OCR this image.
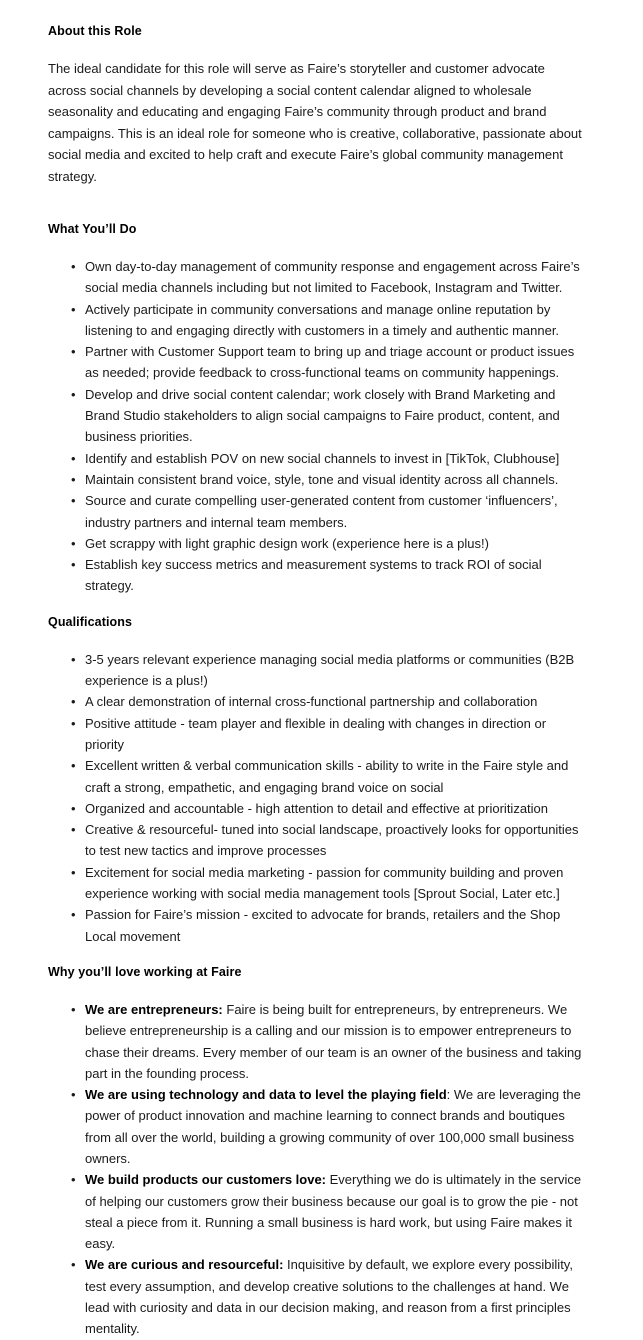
About this Role

The ideal candidate for this role will serve as Faire’s storyteller and customer advocate across social channels by developing a social content calendar aligned to wholesale seasonality and educating and engaging Faire’s community through product and brand campaigns. This is an ideal role for someone who is creative, collaborative, passionate about social media and excited to help craft and execute Faire’s global community management strategy.

What You’ll Do
• Own day-to-day management of community response and engagement across Faire’s social media channels including but not limited to Facebook, Instagram and Twitter.
• Actively participate in community conversations and manage online reputation by listening to and engaging directly with customers in a timely and authentic manner.
• Partner with Customer Support team to bring up and triage account or product issues as needed; provide feedback to cross-functional teams on community happenings.
• Develop and drive social content calendar; work closely with Brand Marketing and Brand Studio stakeholders to align social campaigns to Faire product, content, and business priorities.
• Identify and establish POV on new social channels to invest in [TikTok, Clubhouse]
• Maintain consistent brand voice, style, tone and visual identity across all channels.
• Source and curate compelling user-generated content from customer ‘influencers’, industry partners and internal team members.
• Get scrappy with light graphic design work (experience here is a plus!)
• Establish key success metrics and measurement systems to track ROI of social strategy.
Qualifications
• 3-5 years relevant experience managing social media platforms or communities (B2B experience is a plus!)
• A clear demonstration of internal cross-functional partnership and collaboration
• Positive attitude - team player and flexible in dealing with changes in direction or priority
• Excellent written & verbal communication skills - ability to write in the Faire style and craft a strong, empathetic, and engaging brand voice on social
• Organized and accountable - high attention to detail and effective at prioritization
• Creative & resourceful- tuned into social landscape, proactively looks for opportunities to test new tactics and improve processes
• Excitement for social media marketing - passion for community building and proven experience working with social media management tools [Sprout Social, Later etc.]
• Passion for Faire’s mission - excited to advocate for brands, retailers and the Shop Local movement
Why you’ll love working at Faire
• We are entrepreneurs: Faire is being built for entrepreneurs, by entrepreneurs. We believe entrepreneurship is a calling and our mission is to empower entrepreneurs to chase their dreams. Every member of our team is an owner of the business and taking part in the founding process.
• We are using technology and data to level the playing field: We are leveraging the power of product innovation and machine learning to connect brands and boutiques from all over the world, building a growing community of over 100,000 small business owners.
• We build products our customers love: Everything we do is ultimately in the service of helping our customers grow their business because our goal is to grow the pie - not steal a piece from it. Running a small business is hard work, but using Faire makes it easy.
• We are curious and resourceful: Inquisitive by default, we explore every possibility, test every assumption, and develop creative solutions to the challenges at hand. We lead with curiosity and data in our decision making, and reason from a first principles mentality.
